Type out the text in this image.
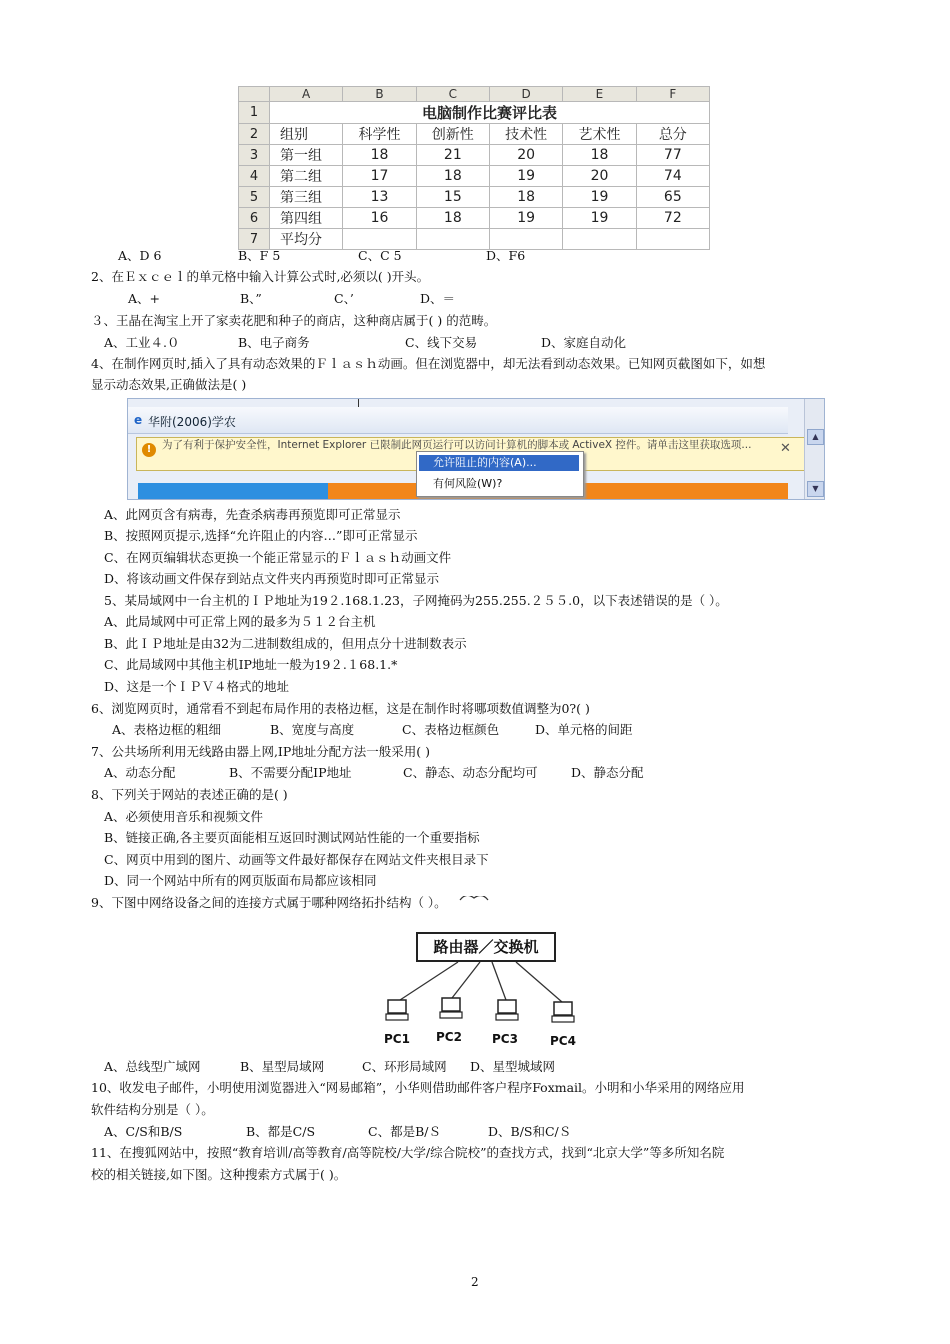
	A	B	C	D	E	F
1	电脑制作比赛评比表					
2	组别	科学性	创新性	技术性	艺术性	总分
3	第一组	18	21	20	18	77
4	第二组	17	18	19	20	74
5	第三组	13	15	18	19	65
6	第四组	16	18	19	19	72
7	平均分					
A、D 6	B、F 5	C、C 5	D、F6
2、在Ｅｘｃｅｌ的单元格中输入计算公式时,必须以( )开头。
A、+	B、”	C、’	D、＝
３、王晶在淘宝上开了家卖花肥和种子的商店，这种商店属于( ) 的范畴。
A、工业４.０	B、电子商务	C、线下交易	D、家庭自动化
4、在制作网页时,插入了具有动态效果的Ｆｌａｓｈ动画。但在浏览器中，却无法看到动态效果。已知网页截图如下，如想
显示动态效果,正确做法是( )
e 华附(2006)学农
!	为了有利于保护安全性，Internet Explorer 已限制此网页运行可以访问计算机的脚本或 ActiveX 控件。请单击这里获取选项...	✕
允许阻止的内容(A)...
有何风险(W)?
▲
▼
A、此网页含有病毒，先查杀病毒再预览即可正常显示
B、按照网页提示,选择“允许阻止的内容…”即可正常显示
C、在网页编辑状态更换一个能正常显示的Ｆｌａｓｈ动画文件
D、将该动画文件保存到站点文件夹内再预览时即可正常显示
5、某局域网中一台主机的ＩＰ地址为19２.168.1.23，子网掩码为255.255.２５５.0，以下表述错误的是（ ）。
A、此局域网中可正常上网的最多为５１２台主机
B、此ＩＰ地址是由32为二进制数组成的，但用点分十进制数表示
C、此局域网中其他主机IP地址一般为19２.１68.1.*
D、这是一个ＩＰＶ４格式的地址
6、浏览网页时，通常看不到起布局作用的表格边框，这是在制作时将哪项数值调整为0?( )
A、表格边框的粗细	B、宽度与高度	C、表格边框颜色	D、单元格的间距
7、公共场所利用无线路由器上网,IP地址分配方法一般采用( )
A、动态分配	B、不需要分配IP地址	C、静态、动态分配均可	D、静态分配
8、下列关于网站的表述正确的是( )
A、必须使用音乐和视频文件
B、链接正确,各主要页面能相互返回时测试网站性能的一个重要指标
C、网页中用到的图片、动画等文件最好都保存在网站文件夹根目录下
D、同一个网站中所有的网页版面布局都应该相同
9、下图中网络设备之间的连接方式属于哪种网络拓扑结构（ ）。
路由器／交换机
PC1 PC2	PC3	PC4
A、总线型广域网	B、星型局域网	C、环形局域网 D、星型城域网
10、收发电子邮件，小明使用浏览器进入“网易邮箱”，小华则借助邮件客户程序Foxmail。小明和小华采用的网络应用
软件结构分别是（ ）。
A、C/S和B/S	B、都是C/S	C、都是B/Ｓ	D、B/S和C/Ｓ
11、在搜狐网站中，按照“教育培训/高等教育/高等院校/大学/综合院校”的查找方式，找到“北京大学”等多所知名院
校的相关链接,如下图。这种搜索方式属于( )。
2
